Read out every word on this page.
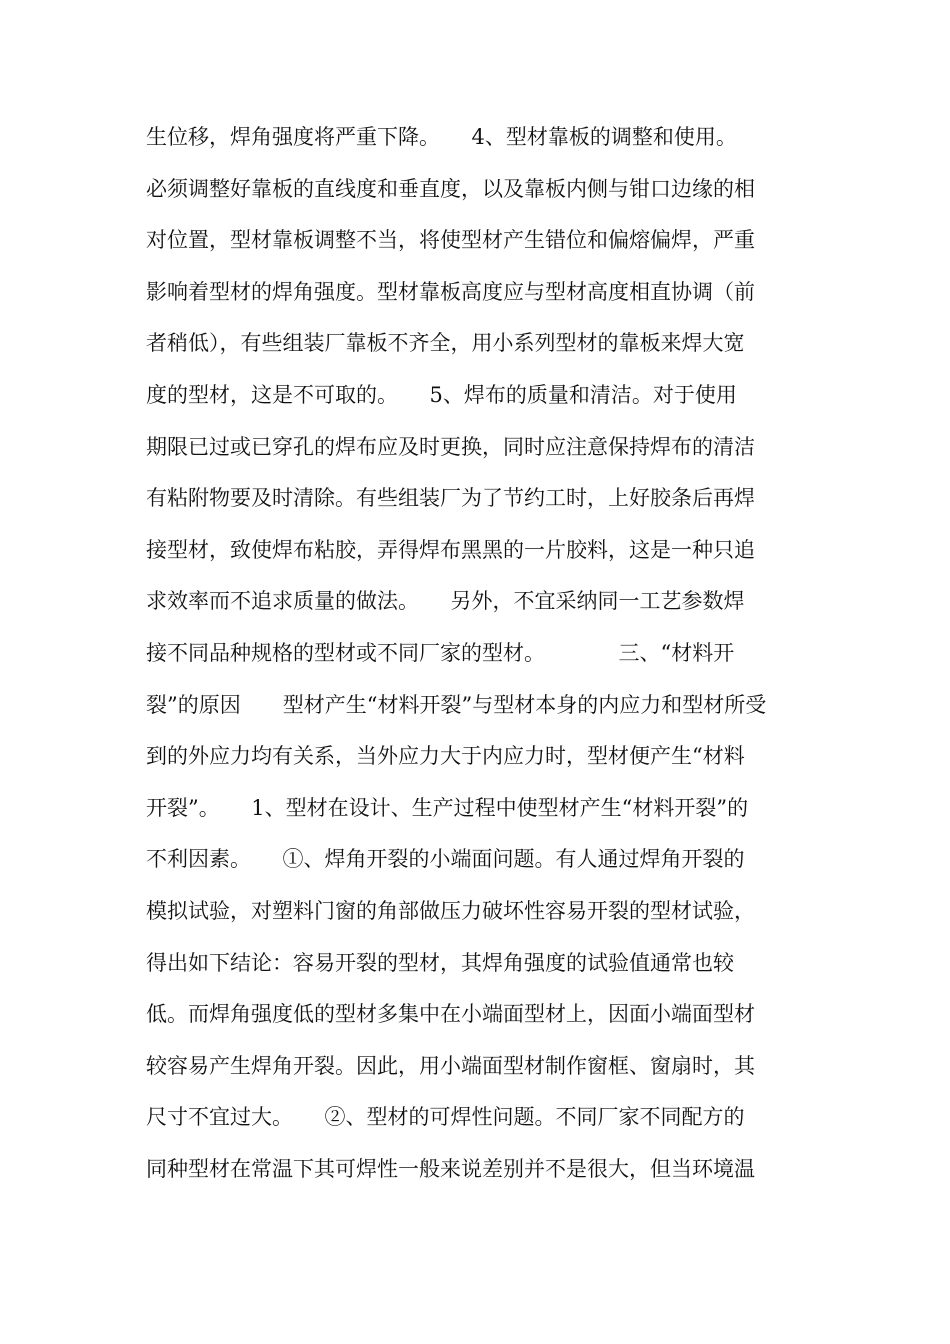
生位移，焊角强度将严重下降。　　4、型材靠板的调整和使用。
必须调整好靠板的直线度和垂直度，以及靠板内侧与钳口边缘的相
对位置，型材靠板调整不当，将使型材产生错位和偏熔偏焊，严重
影响着型材的焊角强度。型材靠板高度应与型材高度相直协调（前
者稍低），有些组装厂靠板不齐全，用小系列型材的靠板来焊大宽
度的型材，这是不可取的。　　5、焊布的质量和清洁。对于使用
期限已过或已穿孔的焊布应及时更换，同时应注意保持焊布的清洁
有粘附物要及时清除。有些组装厂为了节约工时，上好胶条后再焊
接型材，致使焊布粘胶，弄得焊布黑黑的一片胶料，这是一种只追
求效率而不追求质量的做法。　　另外，不宜采纳同一工艺参数焊
接不同品种规格的型材或不同厂家的型材。　　　　三、“材料开
裂”的原因　　型材产生“材料开裂”与型材本身的内应力和型材所受
到的外应力均有关系，当外应力大于内应力时，型材便产生“材料
开裂”。　　1、型材在设计、生产过程中使型材产生“材料开裂”的
不利因素。　　①、焊角开裂的小端面问题。有人通过焊角开裂的
模拟试验，对塑料门窗的角部做压力破坏性容易开裂的型材试验，
得出如下结论：容易开裂的型材，其焊角强度的试验值通常也较
低。而焊角强度低的型材多集中在小端面型材上，因面小端面型材
较容易产生焊角开裂。因此，用小端面型材制作窗框、窗扇时，其
尺寸不宜过大。　　②、型材的可焊性问题。不同厂家不同配方的
同种型材在常温下其可焊性一般来说差别并不是很大，但当环境温
